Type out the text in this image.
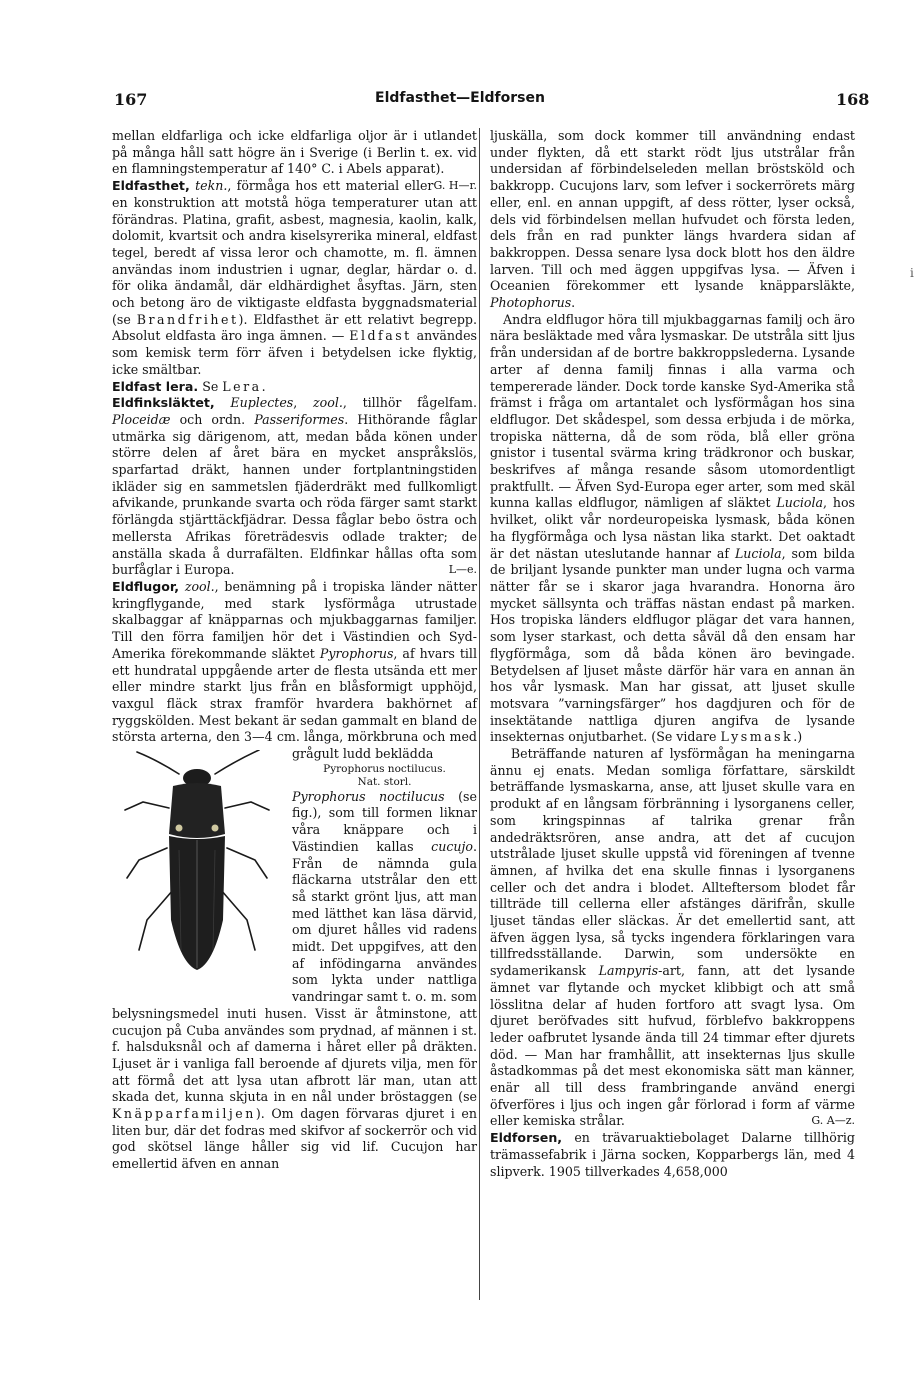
167	Eldfasthet—Eldforsen	168

mellan eldfarliga och icke eldfarliga oljor är i utlandet på många håll satt högre än i Sverige (i Berlin t. ex. vid en flamningstemperatur af 140° C. i Abels apparat).
G. H—r.

Eldfasthet, tekn., förmåga hos ett material eller en konstruktion att motstå höga temperaturer utan att förändras. Platina, grafit, asbest, magnesia, kaolin, kalk, dolomit, kvartsit och andra kiselsyrerika mineral, eldfast tegel, beredt af vissa leror och chamotte, m. fl. ämnen användas inom industrien i ugnar, deglar, härdar o. d. för olika ändamål, där eldhärdighet åsyftas. Järn, sten och betong äro de viktigaste eldfasta byggnadsmaterial (se Brandfrihet). Eldfasthet är ett relativt begrepp. Absolut eldfasta äro inga ämnen. — Eldfast användes som kemisk term förr äfven i betydelsen icke flyktig, icke smältbar.

Eldfast lera. Se Lera.

Eldfinksläktet, Euplectes, zool., tillhör fågelfam. Ploceidæ och ordn. Passeriformes. Hithörande fåglar utmärka sig därigenom, att, medan båda könen under större delen af året bära en mycket anspråkslös, sparfartad dräkt, hannen under fortplantningstiden ikläder sig en sammetslen fjäderdräkt med fullkomligt afvikande, prunkande svarta och röda färger samt starkt förlängda stjärttäckfjädrar. Dessa fåglar bebo östra och mellersta Afrikas företrädesvis odlade trakter; de anställa skada å durrafälten. Eldfinkar hållas ofta som burfåglar i Europa.	L—e.

Eldflugor, zool., benämning på i tropiska länder nätter kringflygande, med stark lysförmåga utrustade skalbaggar af knäpparnas och mjukbaggarnas familjer. Till den förra familjen hör det i Västindien och Syd-Amerika förekommande släktet Pyrophorus, af hvars till ett hundratal uppgående arter de flesta utsända ett mer eller mindre starkt ljus från en blåsformigt upphöjd, vaxgul fläck strax framför hvardera bakhörnet af ryggskölden. Mest bekant är sedan gammalt en bland de största arterna, den 3—4 cm. långa, mörkbruna och med grågult ludd beklädda

Pyrophorus noctilucus.
Nat. storl.
Pyrophorus noctilucus (se fig.), som till formen liknar våra knäppare och i Västindien kallas cucujo. Från de nämnda gula fläckarna utstrålar den ett så starkt grönt ljus, att man med lätthet kan läsa därvid, om djuret hålles vid radens midt. Det uppgifves, att den af infödingarna användes som lykta under nattliga vandringar samt t. o. m. som belysningsmedel inuti husen. Visst är åtminstone, att cucujon på Cuba användes som prydnad, af männen i st. f. halsduksnål och af damerna i håret eller på dräkten. Ljuset är i vanliga fall beroende af djurets vilja, men för att förmå det att lysa utan afbrott lär man, utan att skada det, kunna skjuta in en nål under bröstaggen (se Knäpparfamiljen). Om dagen förvaras djuret i en liten bur, där det fodras med skifvor af sockerrör och vid god skötsel länge håller sig vid lif. Cucujon har emellertid äfven en annan

ljuskälla, som dock kommer till användning endast under flykten, då ett starkt rödt ljus utstrålar från undersidan af förbindelseleden mellan bröstsköld och bakkropp. Cucujons larv, som lefver i sockerrörets märg eller, enl. en annan uppgift, af dess rötter, lyser också, dels vid förbindelsen mellan hufvudet och första leden, dels från en rad punkter längs hvardera sidan af bakkroppen. Dessa senare lysa dock blott hos den äldre larven. Till och med äggen uppgifvas lysa. — Äfven i Oceanien förekommer ett lysande knäpparsläkte, Photophorus.

Andra eldflugor höra till mjukbaggarnas familj och äro nära besläktade med våra lysmaskar. De utstråla sitt ljus från undersidan af de bortre bakkroppslederna. Lysande arter af denna familj finnas i alla varma och tempererade länder. Dock torde kanske Syd-Amerika stå främst i fråga om artantalet och lysförmågan hos sina eldflugor. Det skådespel, som dessa erbjuda i de mörka, tropiska nätterna, då de som röda, blå eller gröna gnistor i tusental svärma kring trädkronor och buskar, beskrifves af många resande såsom utomordentligt praktfullt. — Äfven Syd-Europa eger arter, som med skäl kunna kallas eldflugor, nämligen af släktet Luciola, hos hvilket, olikt vår nordeuropeiska lysmask, båda könen ha flygförmåga och lysa nästan lika starkt. Det oaktadt är det nästan uteslutande hannar af Luciola, som bilda de briljant lysande punkter man under lugna och varma nätter får se i skaror jaga hvarandra. Honorna äro mycket sällsynta och träffas nästan endast på marken. Hos tropiska länders eldflugor plägar det vara hannen, som lyser starkast, och detta såväl då den ensam har flygförmåga, som då båda könen äro bevingade. Betydelsen af ljuset måste därför här vara en annan än hos vår lysmask. Man har gissat, att ljuset skulle motsvara ”varningsfärger” hos dagdjuren och för de insektätande nattliga djuren angifva de lysande insekternas onjutbarhet. (Se vidare Lysmask.)

Beträffande naturen af lysförmågan ha meningarna ännu ej enats. Medan somliga författare, särskildt beträffande lysmaskarna, anse, att ljuset skulle vara en produkt af en långsam förbränning i lysorganens celler, som kringspinnas af talrika grenar från andedräktsrören, anse andra, att det af cucujon utstrålade ljuset skulle uppstå vid föreningen af tvenne ämnen, af hvilka det ena skulle finnas i lysorganens celler och det andra i blodet. Allteftersom blodet får tillträde till cellerna eller afstänges därifrån, skulle ljuset tändas eller släckas. Är det emellertid sant, att äfven äggen lysa, så tycks ingendera förklaringen vara tillfredsställande. Darwin, som undersökte en sydamerikansk Lampyris-art, fann, att det lysande ämnet var flytande och mycket klibbigt och att små lösslitna delar af huden fortforo att svagt lysa. Om djuret beröfvades sitt hufvud, förblefvo bakkroppens leder oafbrutet lysande ända till 24 timmar efter djurets död. — Man har framhållit, att insekternas ljus skulle åstadkommas på det mest ekonomiska sätt man känner, enär all till dess frambringande använd energi öfverföres i ljus och ingen går förlorad i form af värme eller kemiska strålar.	G. A—z.

Eldforsen, en trävaruaktiebolaget Dalarne tillhörig trämassefabrik i Järna socken, Kopparbergs län, med 4 slipverk. 1905 tillverkades 4,658,000

i
